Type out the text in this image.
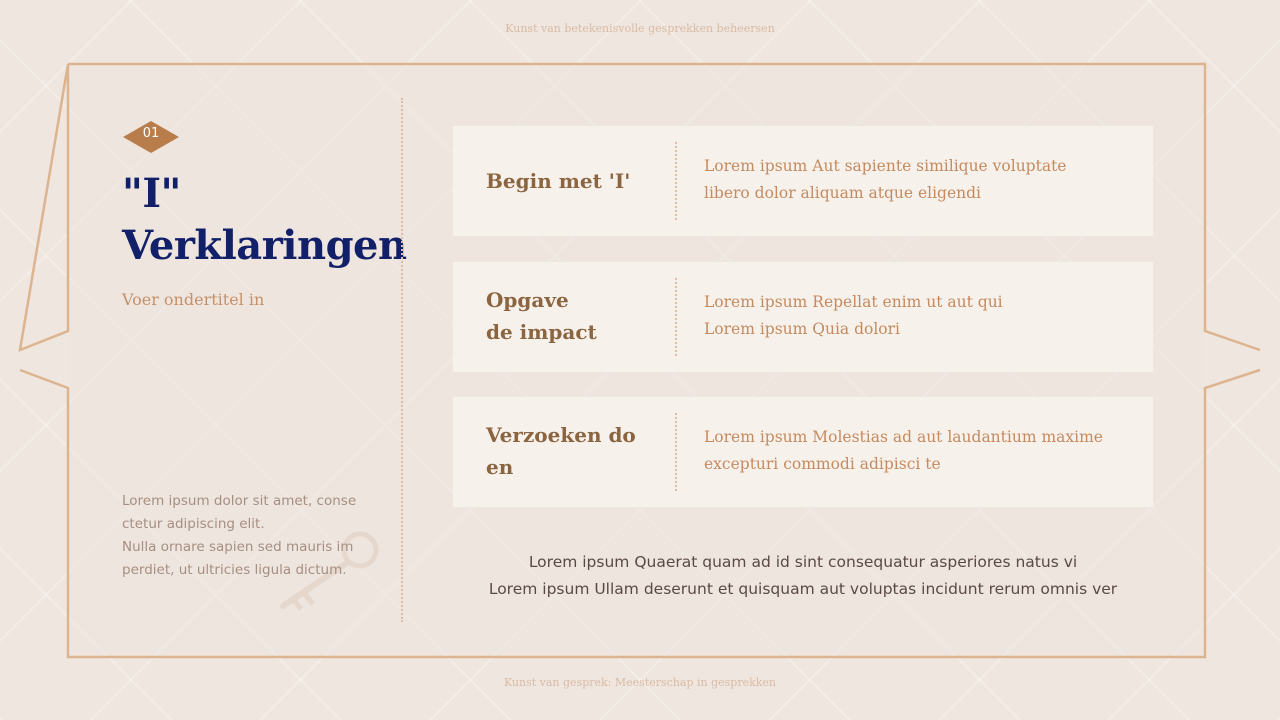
Kunst van betekenisvolle gesprekken beheersen
01
"I"
Verklaringen
Voer ondertitel in
Lorem ipsum dolor sit amet, consectetur adipiscing elit.
Nulla ornare sapien sed mauris imperdiet, ut ultricies ligula dictum.
Begin met 'I'
Lorem ipsum Aut sapiente similique voluptate
libero dolor aliquam atque eligendi
Opgave
de impact
Lorem ipsum Repellat enim ut aut qui
Lorem ipsum Quia dolori
Verzoeken do
en
Lorem ipsum Molestias ad aut laudantium maxime
excepturi commodi adipisci te
Lorem ipsum Quaerat quam ad id sint consequatur asperiores natus vi
Lorem ipsum Ullam deserunt et quisquam aut voluptas incidunt rerum omnis ver
Kunst van gesprek: Meesterschap in gesprekken
